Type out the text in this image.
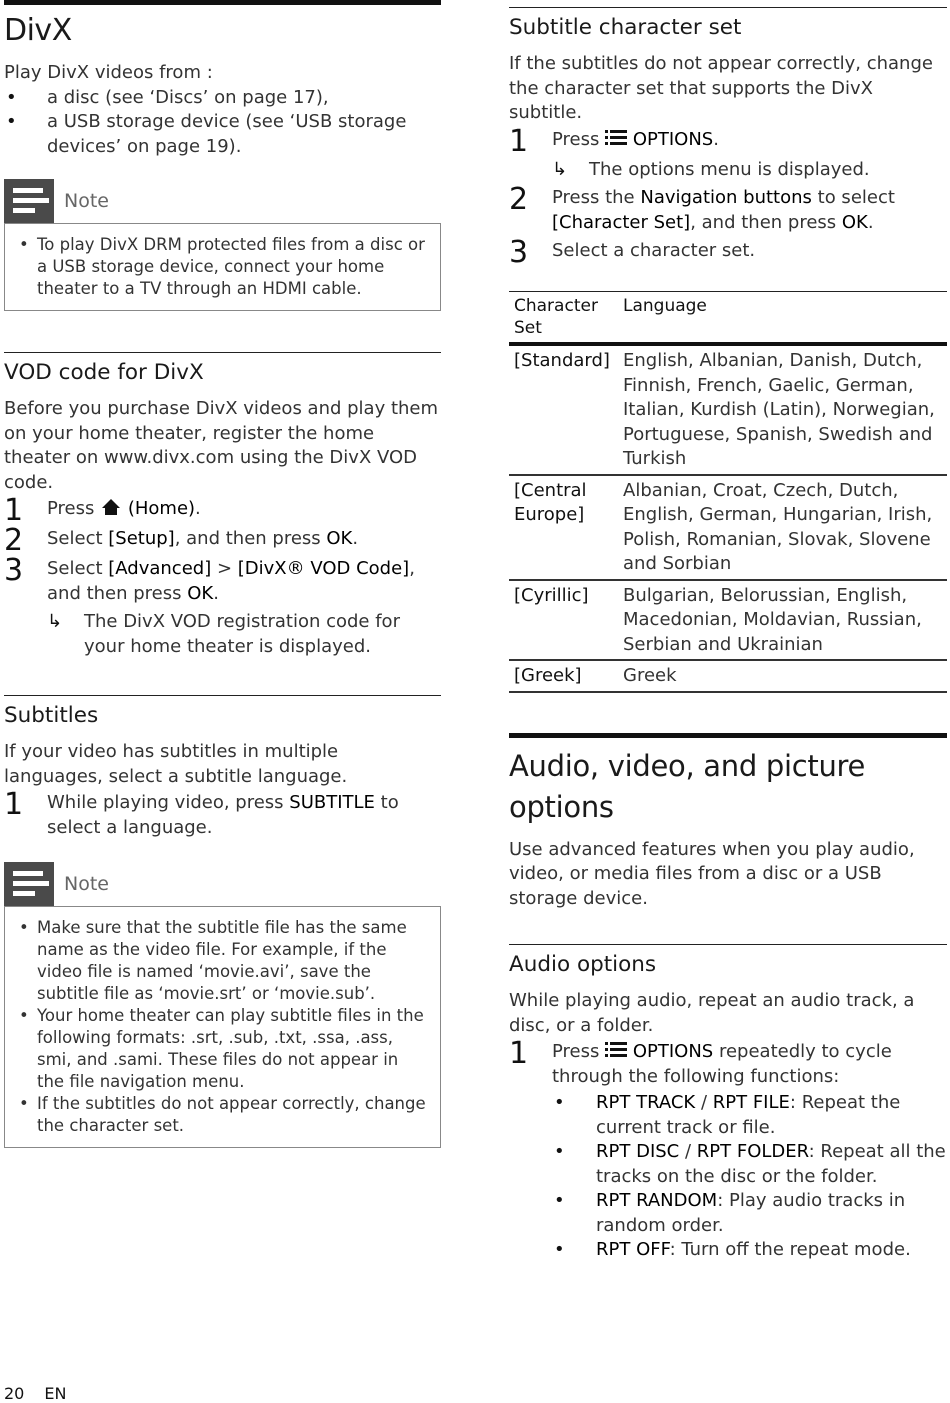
DivX

Play DivX videos from :

• a disc (see ‘Discs’ on page 17),
• a USB storage device (see ‘USB storage devices’ on page 19).
Note
• To play DivX DRM protected files from a disc or a USB storage device, connect your home theater to a TV through an HDMI cable.
VOD code for DivX

Before you purchase DivX videos and play them on your home theater, register the home theater on www.divx.com using the DivX VOD code.

1	Press  (Home).
2	Select [Setup], and then press OK.
3	Select [Advanced] > [DivX® VOD Code], and then press OK.
↳	The DivX VOD registration code for your home theater is displayed.
Subtitles

If your video has subtitles in multiple languages, select a subtitle language.

1	While playing video, press SUBTITLE to select a language.
Note
• Make sure that the subtitle file has the same name as the video file. For example, if the video file is named ‘movie.avi’, save the subtitle file as ‘movie.srt’ or ‘movie.sub’.
• Your home theater can play subtitle files in the following formats: .srt, .sub, .txt, .ssa, .ass, smi, and .sami. These files do not appear in the file navigation menu.
• If the subtitles do not appear correctly, change the character set.
Subtitle character set

If the subtitles do not appear correctly, change the character set that supports the DivX subtitle.

1	Press
OPTIONS.
↳	The options menu is displayed.
2	Press the Navigation buttons to select [Character Set], and then press OK.
3	Select a character set.
Character Set	Language
[Standard]	English, Albanian, Danish, Dutch, Finnish, French, Gaelic, German, Italian, Kurdish (Latin), Norwegian, Portuguese, Spanish, Swedish and Turkish
[Central Europe]	Albanian, Croat, Czech, Dutch, English, German, Hungarian, Irish, Polish, Romanian, Slovak, Slovene and Sorbian
[Cyrillic]	Bulgarian, Belorussian, English, Macedonian, Moldavian, Russian, Serbian and Ukrainian
[Greek]	Greek
Audio, video, and picture options

Use advanced features when you play audio, video, or media files from a disc or a USB storage device.

Audio options

While playing audio, repeat an audio track, a disc, or a folder.

1	Press
OPTIONS repeatedly to cycle through the following functions:
• RPT TRACK / RPT FILE: Repeat the current track or file.
• RPT DISC / RPT FOLDER: Repeat all the tracks on the disc or the folder.
• RPT RANDOM: Play audio tracks in random order.
• RPT OFF: Turn off the repeat mode.
20 EN
